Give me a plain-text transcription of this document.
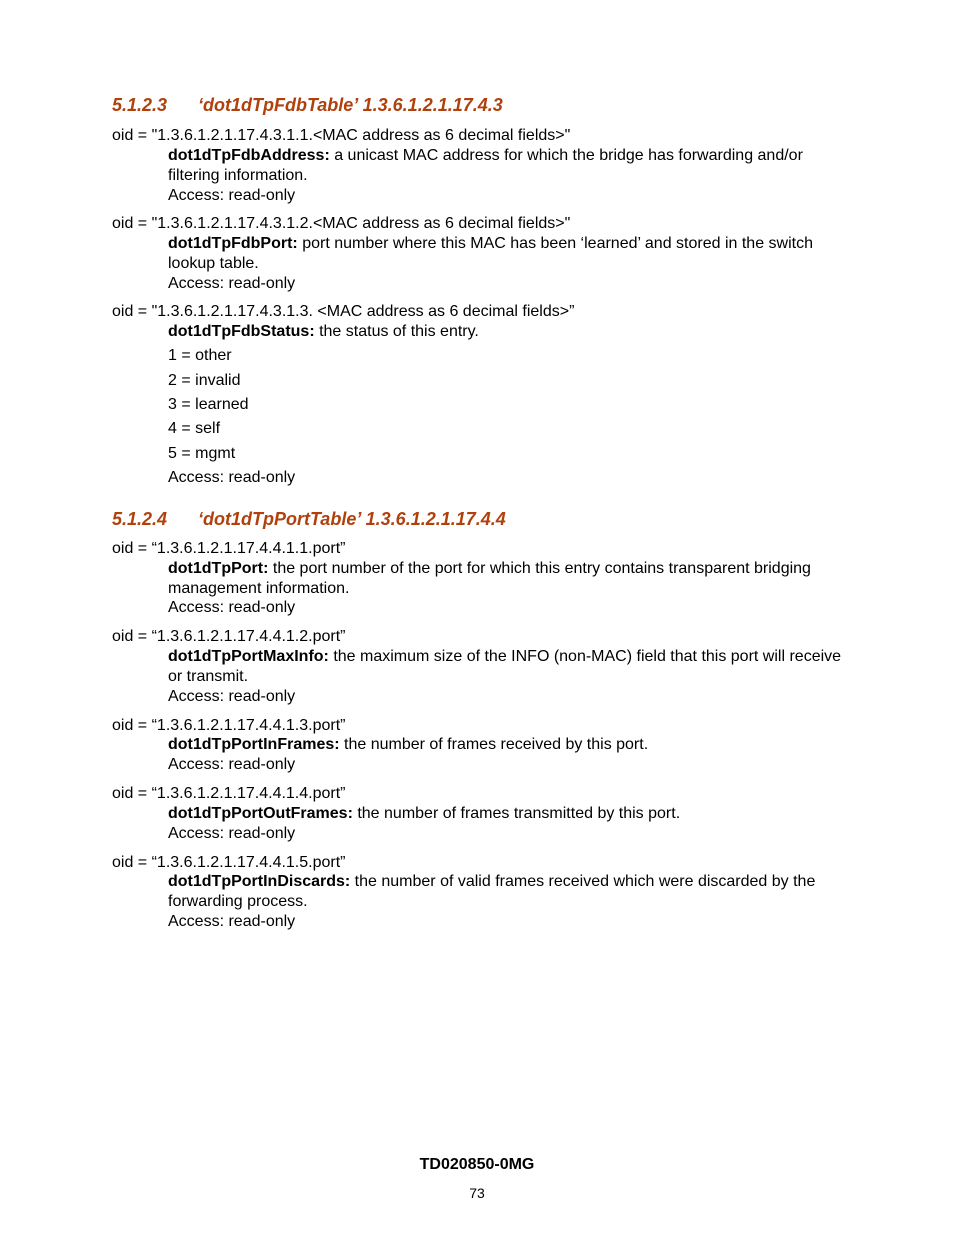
5.1.2.3 ‘dot1dTpFdbTable’ 1.3.6.1.2.1.17.4.3
oid = "1.3.6.1.2.1.17.4.3.1.1.<MAC address as 6 decimal fields>"
dot1dTpFdbAddress: a unicast MAC address for which the bridge has forwarding and/or filtering information.
Access: read-only
oid = "1.3.6.1.2.1.17.4.3.1.2.<MAC address as 6 decimal fields>"
dot1dTpFdbPort: port number where this MAC has been ‘learned’ and stored in the switch lookup table.
Access: read-only
oid = "1.3.6.1.2.1.17.4.3.1.3. <MAC address as 6 decimal fields>”
dot1dTpFdbStatus: the status of this entry.
1 = other
2 = invalid
3 = learned
4 = self
5 = mgmt
Access: read-only
5.1.2.4 ‘dot1dTpPortTable’ 1.3.6.1.2.1.17.4.4
oid = “1.3.6.1.2.1.17.4.4.1.1.port”
dot1dTpPort: the port number of the port for which this entry contains transparent bridging management information.
Access: read-only
oid = “1.3.6.1.2.1.17.4.4.1.2.port”
dot1dTpPortMaxInfo: the maximum size of the INFO (non-MAC) field that this port will receive or transmit.
Access: read-only
oid = “1.3.6.1.2.1.17.4.4.1.3.port”
dot1dTpPortInFrames: the number of frames received by this port.
Access: read-only
oid = “1.3.6.1.2.1.17.4.4.1.4.port”
dot1dTpPortOutFrames: the number of frames transmitted by this port.
Access: read-only
oid = “1.3.6.1.2.1.17.4.4.1.5.port”
dot1dTpPortInDiscards: the number of valid frames received which were discarded by the forwarding process.
Access: read-only
TD020850-0MG
73
